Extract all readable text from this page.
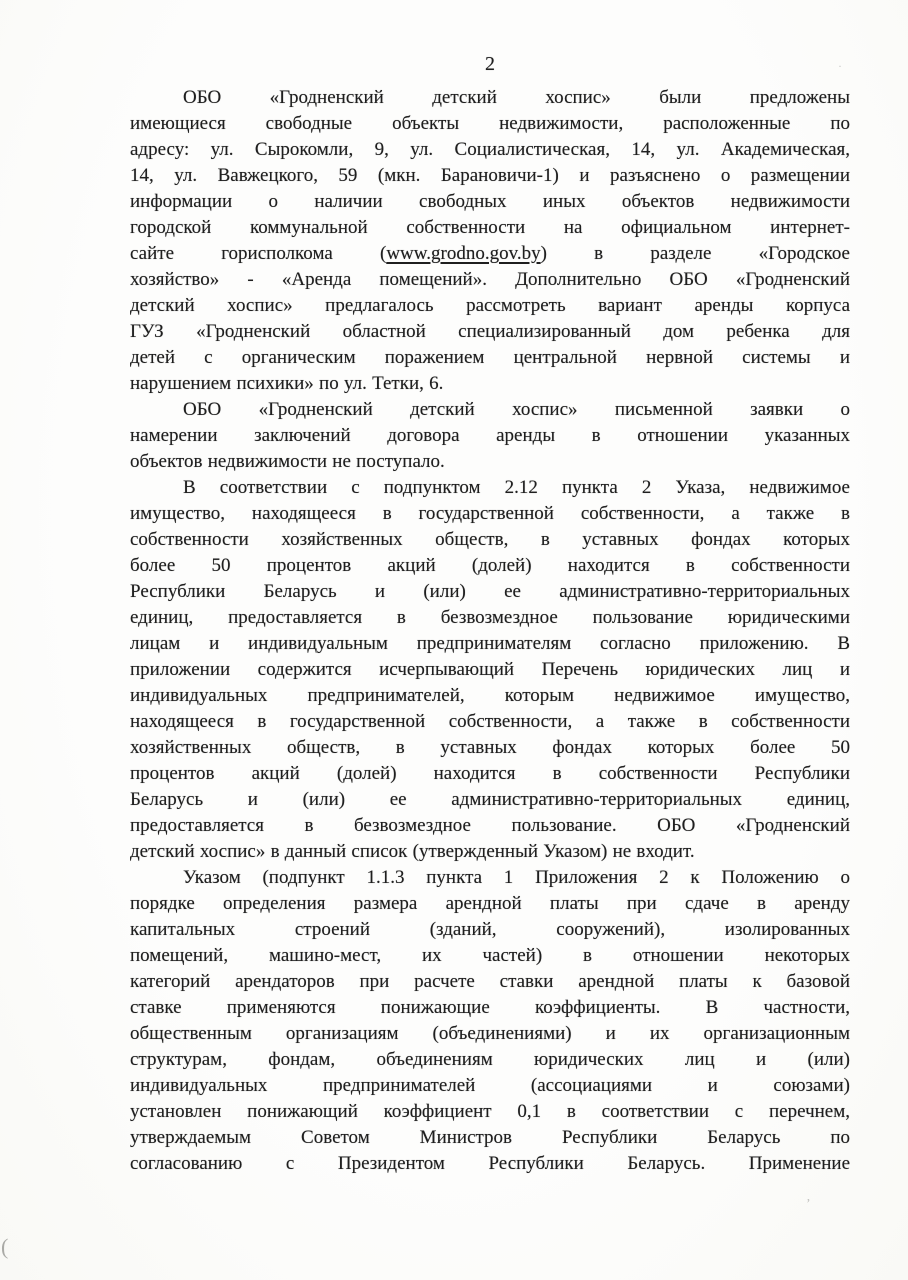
2
ОБО «Гродненский детский хоспис» были предложены
имеющиеся свободные объекты недвижимости, расположенные по
адресу: ул. Сырокомли, 9, ул. Социалистическая, 14, ул. Академическая,
14, ул. Вавжецкого, 59 (мкн. Барановичи-1) и разъяснено о размещении
информации о наличии свободных иных объектов недвижимости
городской коммунальной собственности на официальном интернет-
сайте горисполкома (www.grodno.gov.by) в разделе «Городское
хозяйство» - «Аренда помещений». Дополнительно ОБО «Гродненский
детский хоспис» предлагалось рассмотреть вариант аренды корпуса
ГУЗ «Гродненский областной специализированный дом ребенка для
детей с органическим поражением центральной нервной системы и
нарушением психики» по ул. Тетки, 6.
ОБО «Гродненский детский хоспис» письменной заявки о
намерении заключений договора аренды в отношении указанных
объектов недвижимости не поступало.
В соответствии с подпунктом 2.12 пункта 2 Указа, недвижимое
имущество, находящееся в государственной собственности, а также в
собственности хозяйственных обществ, в уставных фондах которых
более 50 процентов акций (долей) находится в собственности
Республики Беларусь и (или) ее административно-территориальных
единиц, предоставляется в безвозмездное пользование юридическими
лицам и индивидуальным предпринимателям согласно приложению. В
приложении содержится исчерпывающий Перечень юридических лиц и
индивидуальных предпринимателей, которым недвижимое имущество,
находящееся в государственной собственности, а также в собственности
хозяйственных обществ, в уставных фондах которых более 50
процентов акций (долей) находится в собственности Республики
Беларусь и (или) ее административно-территориальных единиц,
предоставляется в безвозмездное пользование. ОБО «Гродненский
детский хоспис» в данный список (утвержденный Указом) не входит.
Указом (подпункт 1.1.3 пункта 1 Приложения 2 к Положению о
порядке определения размера арендной платы при сдаче в аренду
капитальных строений (зданий, сооружений), изолированных
помещений, машино-мест, их частей) в отношении некоторых
категорий арендаторов при расчете ставки арендной платы к базовой
ставке применяются понижающие коэффициенты. В частности,
общественным организациям (объединениями) и их организационным
структурам, фондам, объединениям юридических лиц и (или)
индивидуальных предпринимателей (ассоциациями и союзами)
установлен понижающий коэффициент 0,1 в соответствии с перечнем,
утверждаемым Советом Министров Республики Беларусь по
согласованию с Президентом Республики Беларусь. Применение
(
ʼ
·
